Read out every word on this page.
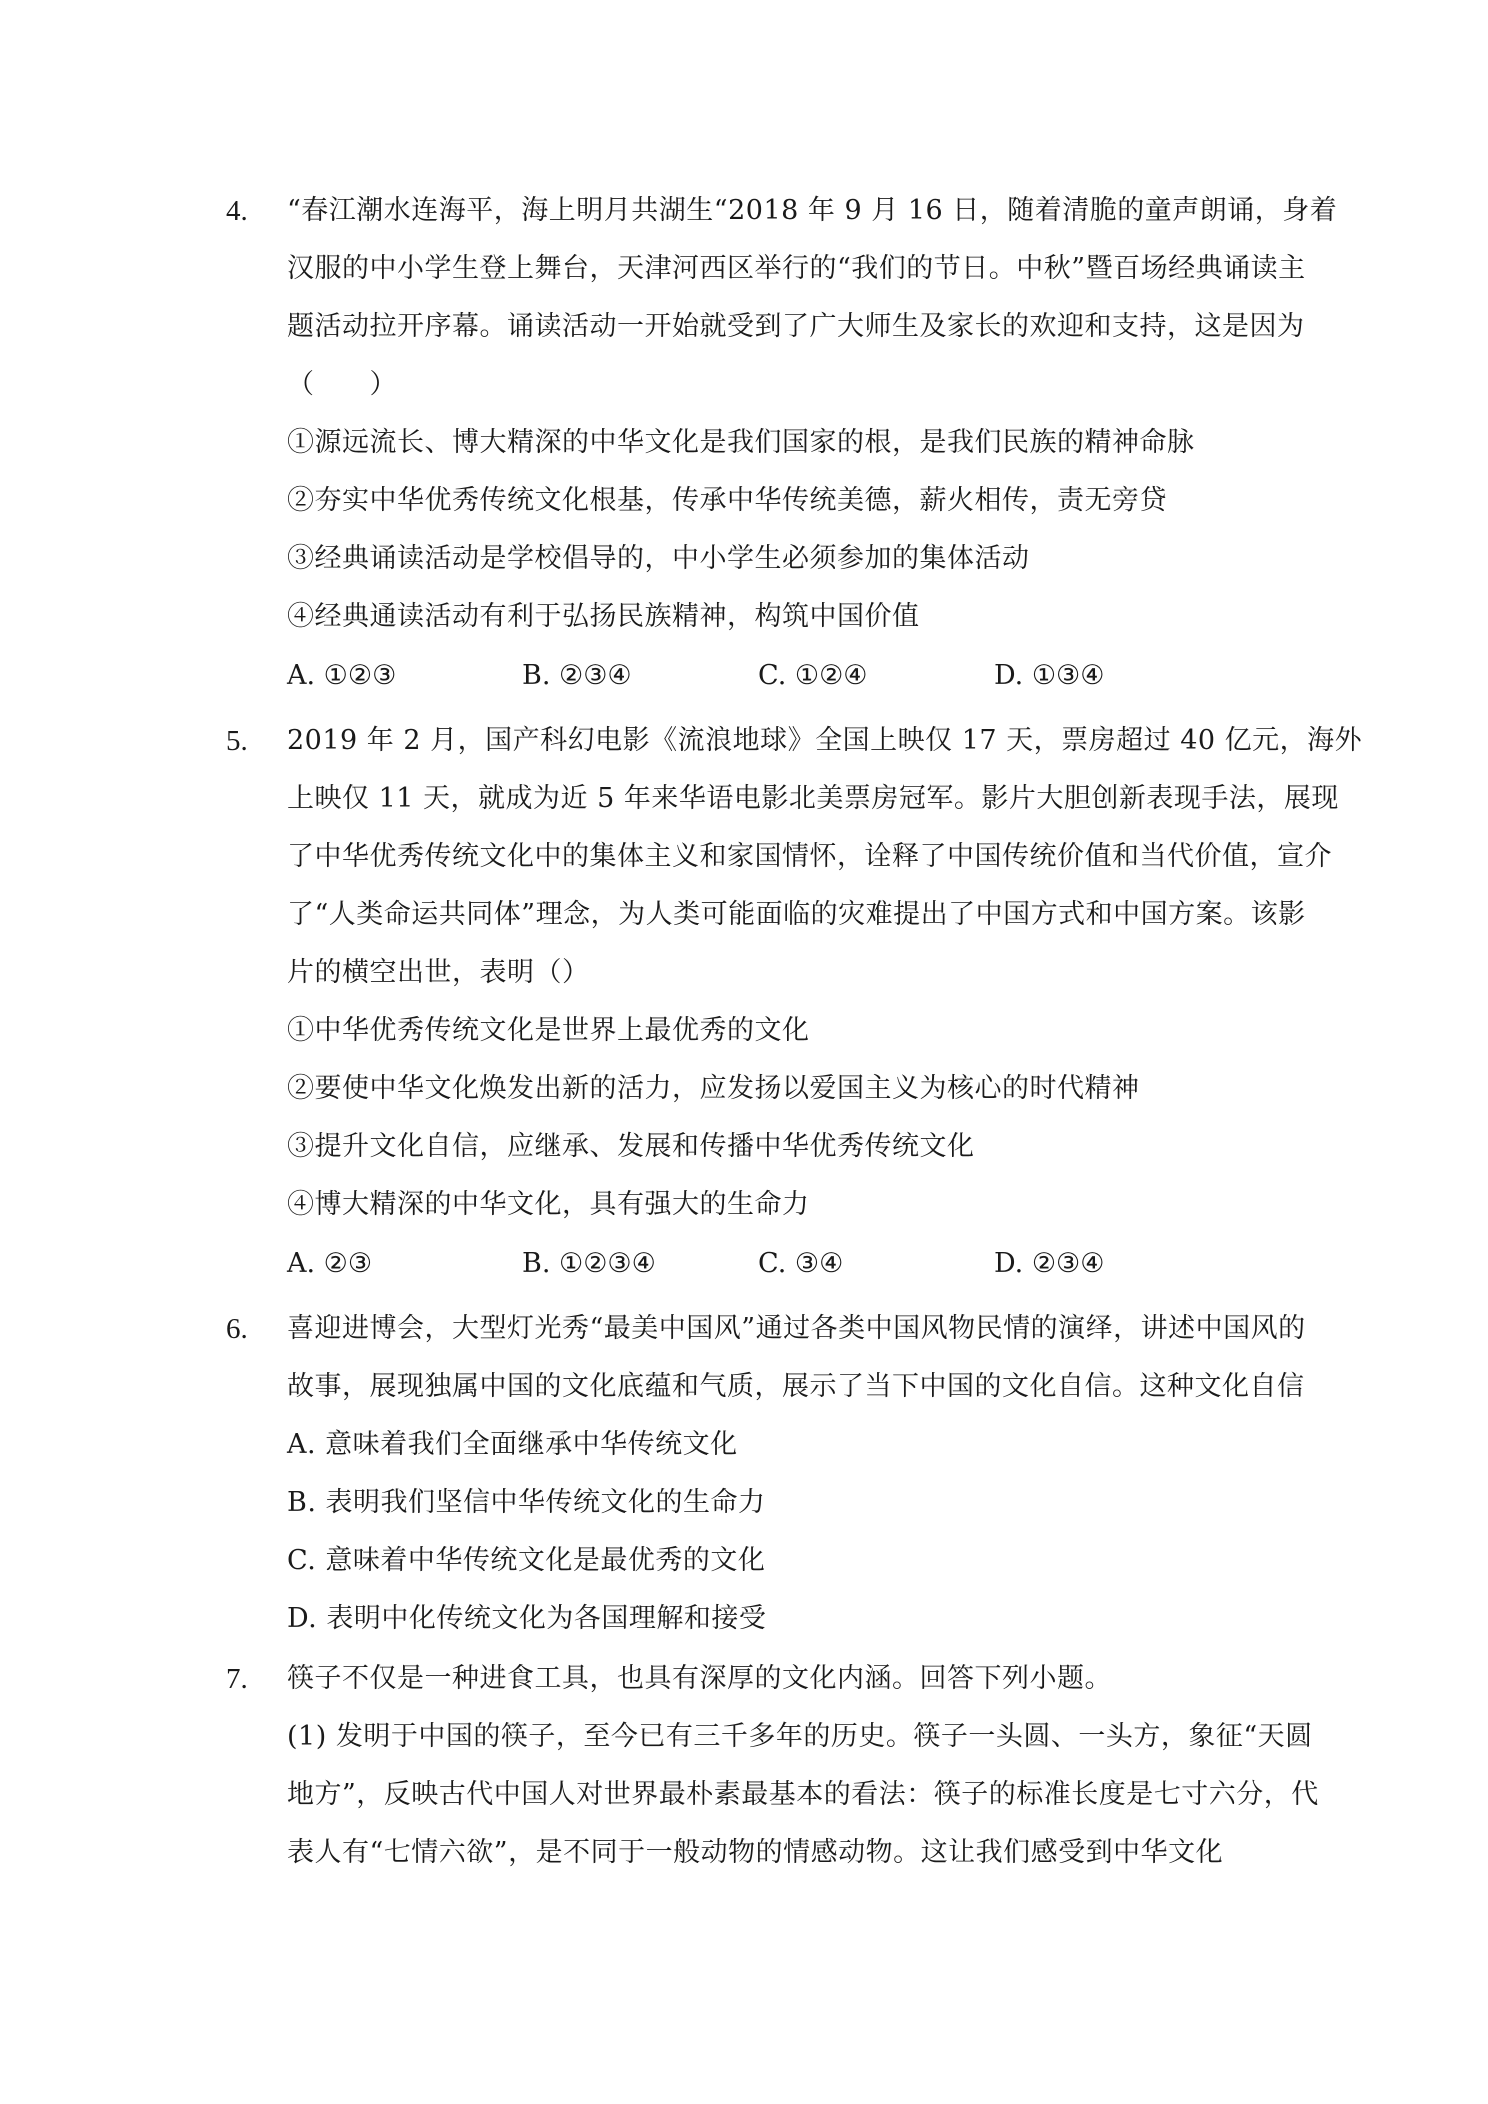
4. “春江潮水连海平，海上明月共湖生“2018 年 9 月 16 日，随着清脆的童声朗诵，身着
汉服的中小学生登上舞台，天津河西区举行的“我们的节日。中秋”暨百场经典诵读主
题活动拉开序幕。诵读活动一开始就受到了广大师生及家长的欢迎和支持，这是因为
（　　）
①源远流长、博大精深的中华文化是我们国家的根，是我们民族的精神命脉
②夯实中华优秀传统文化根基，传承中华传统美德，薪火相传，责无旁贷
③经典诵读活动是学校倡导的，中小学生必须参加的集体活动
④经典通读活动有利于弘扬民族精神，构筑中国价值
A. ①②③	B. ②③④	C. ①②④	D. ①③④
5. 2019 年 2 月，国产科幻电影《流浪地球》全国上映仅 17 天，票房超过 40 亿元，海外
上映仅 11 天，就成为近 5 年来华语电影北美票房冠军。影片大胆创新表现手法，展现
了中华优秀传统文化中的集体主义和家国情怀，诠释了中国传统价值和当代价值，宣介
了“人类命运共同体”理念，为人类可能面临的灾难提出了中国方式和中国方案。该影
片的横空出世，表明（）
①中华优秀传统文化是世界上最优秀的文化
②要使中华文化焕发出新的活力，应发扬以爱国主义为核心的时代精神
③提升文化自信，应继承、发展和传播中华优秀传统文化
④博大精深的中华文化，具有强大的生命力
A. ②③	B. ①②③④	C. ③④	D. ②③④
6. 喜迎进博会，大型灯光秀“最美中国风”通过各类中国风物民情的演绎，讲述中国风的
故事，展现独属中国的文化底蕴和气质，展示了当下中国的文化自信。这种文化自信
A. 意味着我们全面继承中华传统文化
B. 表明我们坚信中华传统文化的生命力
C. 意味着中华传统文化是最优秀的文化
D. 表明中化传统文化为各国理解和接受
7. 筷子不仅是一种进食工具，也具有深厚的文化内涵。回答下列小题。
(1) 发明于中国的筷子，至今已有三千多年的历史。筷子一头圆、一头方，象征“天圆
地方”，反映古代中国人对世界最朴素最基本的看法：筷子的标准长度是七寸六分，代
表人有“七情六欲”，是不同于一般动物的情感动物。这让我们感受到中华文化
